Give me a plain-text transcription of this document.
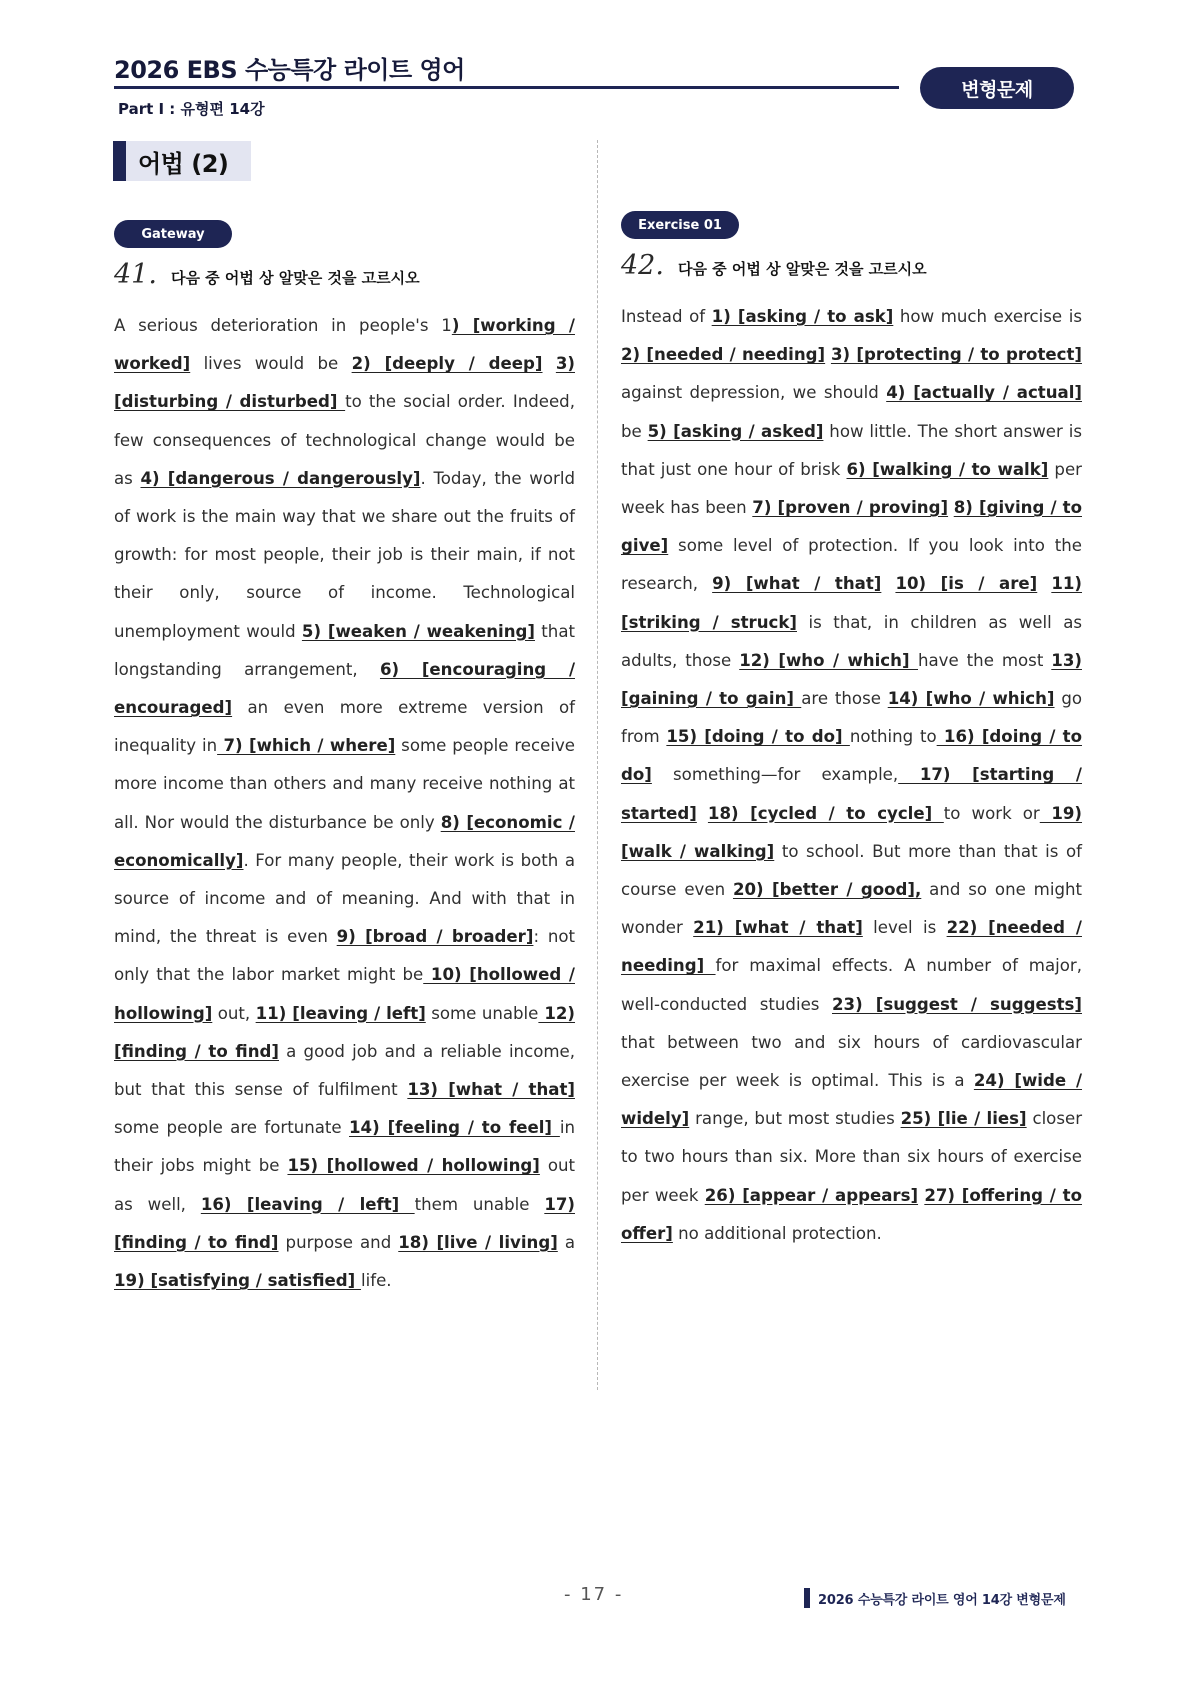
2026 EBS 수능특강 라이트 영어
Part Ⅰ : 유형편 14강
변형문제
어법 (2)
Gateway
41. 다음 중 어법 상 알맞은 것을 고르시오
A serious deterioration in people's 1) [working / worked] lives would be 2) [deeply / deep] 3) [disturbing / disturbed] to the social order. Indeed, few consequences of technological change would be as 4) [dangerous / dangerously]. Today, the world of work is the main way that we share out the fruits of growth: for most people, their job is their main, if not their only, source of income. Technological unemployment would 5) [weaken / weakening] that longstanding arrangement, 6) [encouraging / encouraged] an even more extreme version of inequality in 7) [which / where] some people receive more income than others and many receive nothing at all. Nor would the disturbance be only 8) [economic / economically]. For many people, their work is both a source of income and of meaning. And with that in mind, the threat is even 9) [broad / broader]: not only that the labor market might be 10) [hollowed / hollowing] out, 11) [leaving / left] some unable 12) [finding / to find] a good job and a reliable income, but that this sense of fulfilment 13) [what / that] some people are fortunate 14) [feeling / to feel] in their jobs might be 15) [hollowed / hollowing] out as well, 16) [leaving / left] them unable 17) [finding / to find] purpose and 18) [live / living] a 19) [satisfying / satisfied] life.
Exercise 01
42. 다음 중 어법 상 알맞은 것을 고르시오
Instead of 1) [asking / to ask] how much exercise is 2) [needed / needing] 3) [protecting / to protect] against depression, we should 4) [actually / actual] be 5) [asking / asked] how little. The short answer is that just one hour of brisk 6) [walking / to walk] per week has been 7) [proven / proving] 8) [giving / to give] some level of protection. If you look into the research, 9) [what / that] 10) [is / are] 11) [striking / struck] is that, in children as well as adults, those 12) [who / which] have the most 13) [gaining / to gain] are those 14) [who / which] go from 15) [doing / to do] nothing to 16) [doing / to do] something—for example, 17) [starting / started] 18) [cycled / to cycle] to work or 19) [walk / walking] to school. But more than that is of course even 20) [better / good], and so one might wonder 21) [what / that] level is 22) [needed / needing] for maximal effects. A number of major, well-conducted studies 23) [suggest / suggests] that between two and six hours of cardiovascular exercise per week is optimal. This is a 24) [wide / widely] range, but most studies 25) [lie / lies] closer to two hours than six. More than six hours of exercise per week 26) [appear / appears] 27) [offering / to offer] no additional protection.
- 17 -	2026 수능특강 라이트 영어 14강 변형문제
